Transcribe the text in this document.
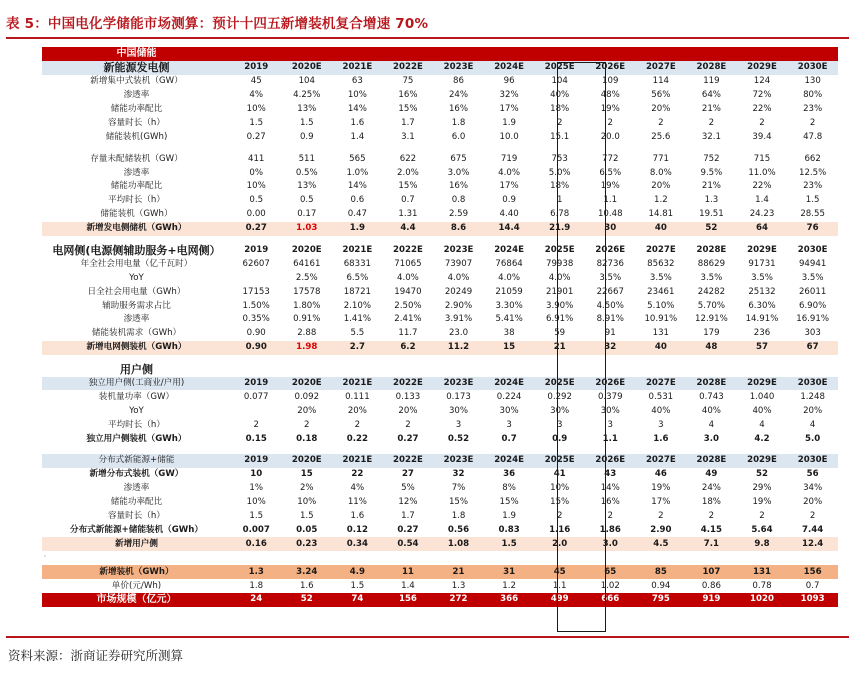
表 5：中国电化学储能市场测算：预计十四五新增装机复合增速 70%
中国储能												
新能源发电侧	2019	2020E	2021E	2022E	2023E	2024E	2025E	2026E	2027E	2028E	2029E	2030E
新增集中式装机（GW）	45	104	63	75	86	96	104	109	114	119	124	130
渗透率	4%	4.25%	10%	16%	24%	32%	40%	48%	56%	64%	72%	80%
储能功率配比	10%	13%	14%	15%	16%	17%	18%	19%	20%	21%	22%	23%
容量时长（h）	1.5	1.5	1.6	1.7	1.8	1.9	2	2	2	2	2	2
储能装机(GWh)	0.27	0.9	1.4	3.1	6.0	10.0	15.1	20.0	25.6	32.1	39.4	47.8

存量未配储装机（GW）	411	511	565	622	675	719	753	772	771	752	715	662
渗透率	0%	0.5%	1.0%	2.0%	3.0%	4.0%	5.0%	6.5%	8.0%	9.5%	11.0%	12.5%
储能功率配比	10%	13%	14%	15%	16%	17%	18%	19%	20%	21%	22%	23%
平均时长（h）	0.5	0.5	0.6	0.7	0.8	0.9	1	1.1	1.2	1.3	1.4	1.5
储能装机（GWh）	0.00	0.17	0.47	1.31	2.59	4.40	6.78	10.48	14.81	19.51	24.23	28.55
新增发电侧储机（GWh）	0.27	1.03	1.9	4.4	8.6	14.4	21.9	30	40	52	64	76

电网侧(电源侧辅助服务+电网侧）	2019	2020E	2021E	2022E	2023E	2024E	2025E	2026E	2027E	2028E	2029E	2030E
年全社会用电量（亿千瓦时）	62607	64161	68331	71065	73907	76864	79938	82736	85632	88629	91731	94941
YoY		2.5%	6.5%	4.0%	4.0%	4.0%	4.0%	3.5%	3.5%	3.5%	3.5%	3.5%
日全社会用电量（GWh）	17153	17578	18721	19470	20249	21059	21901	22667	23461	24282	25132	26011
辅助服务需求占比	1.50%	1.80%	2.10%	2.50%	2.90%	3.30%	3.90%	4.50%	5.10%	5.70%	6.30%	6.90%
渗透率	0.35%	0.91%	1.41%	2.41%	3.91%	5.41%	6.91%	8.91%	10.91%	12.91%	14.91%	16.91%
储能装机需求（GWh）	0.90	2.88	5.5	11.7	23.0	38	59	91	131	179	236	303
新增电网侧装机（GWh）	0.90	1.98	2.7	6.2	11.2	15	21	32	40	48	57	67

用户侧												
独立用户侧(工商业/户用)	2019	2020E	2021E	2022E	2023E	2024E	2025E	2026E	2027E	2028E	2029E	2030E
装机量功率（GW）	0.077	0.092	0.111	0.133	0.173	0.224	0.292	0.379	0.531	0.743	1.040	1.248
YoY		20%	20%	20%	30%	30%	30%	30%	40%	40%	40%	20%
平均时长（h）	2	2	2	2	3	3	3	3	3	4	4	4
独立用户侧装机（GWh）	0.15	0.18	0.22	0.27	0.52	0.7	0.9	1.1	1.6	3.0	4.2	5.0

分布式新能源+储能	2019	2020E	2021E	2022E	2023E	2024E	2025E	2026E	2027E	2028E	2029E	2030E
新增分布式装机（GW）	10	15	22	27	32	36	41	43	46	49	52	56
渗透率	1%	2%	4%	5%	7%	8%	10%	14%	19%	24%	29%	34%
储能功率配比	10%	10%	11%	12%	15%	15%	15%	16%	17%	18%	19%	20%
容量时长（h）	1.5	1.5	1.6	1.7	1.8	1.9	2	2	2	2	2	2
分布式新能源+储能装机（GWh）	0.007	0.05	0.12	0.27	0.56	0.83	1.16	1.86	2.90	4.15	5.64	7.44
新增用户侧	0.16	0.23	0.34	0.54	1.08	1.5	2.0	3.0	4.5	7.1	9.8	12.4
ʾ												
新增装机（GWh）	1.3	3.24	4.9	11	21	31	45	65	85	107	131	156
单价(元/Wh)	1.8	1.6	1.5	1.4	1.3	1.2	1.1	1.02	0.94	0.86	0.78	0.7
市场规模（亿元）	24	52	74	156	272	366	499	666	795	919	1020	1093
资料来源：浙商证券研究所测算
